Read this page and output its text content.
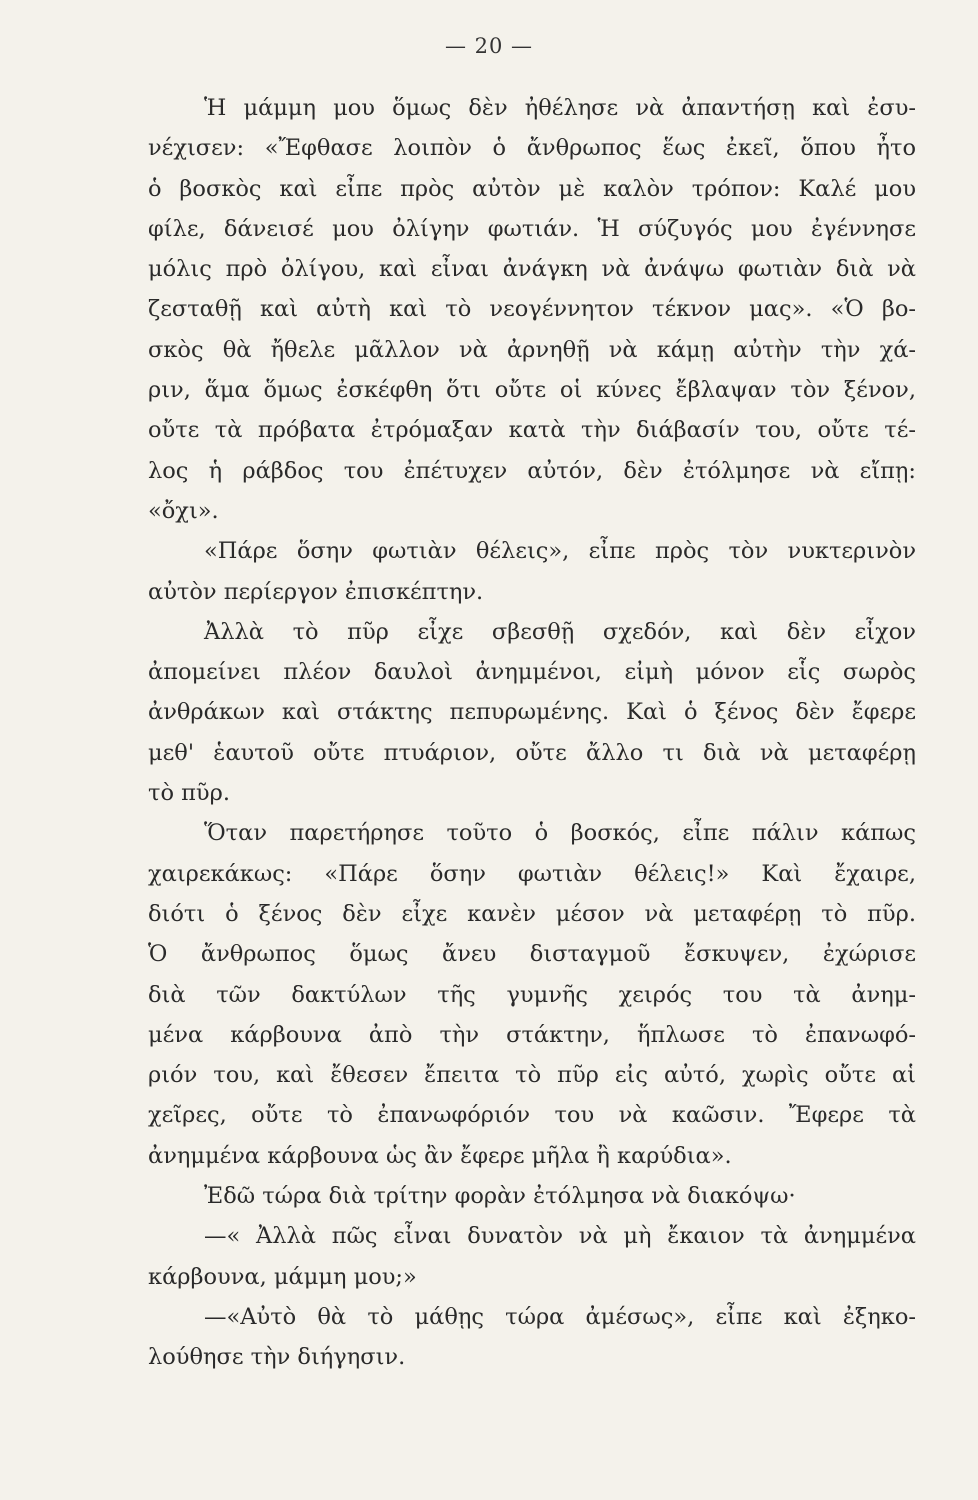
— 20 —
Ἡ μάμμη μου ὅμως δὲν ἠθέλησε νὰ ἀπαντήσῃ καὶ ἐσυ-
νέχισεν: «Ἔφθασε λοιπὸν ὁ ἄνθρωπος ἕως ἐκεῖ, ὅπου ἦτο
ὁ βοσκὸς καὶ εἶπε πρὸς αὐτὸν μὲ καλὸν τρόπον: Καλέ μου
φίλε, δάνεισέ μου ὀλίγην φωτιάν. Ἡ σύζυγός μου ἐγέννησε
μόλις πρὸ ὀλίγου, καὶ εἶναι ἀνάγκη νὰ ἀνάψω φωτιὰν διὰ νὰ
ζεσταθῇ καὶ αὐτὴ καὶ τὸ νεογέννητον τέκνον μας». «Ὁ βο-
σκὸς θὰ ἤθελε μᾶλλον νὰ ἀρνηθῇ νὰ κάμῃ αὐτὴν τὴν χά-
ριν, ἅμα ὅμως ἐσκέφθη ὅτι οὔτε οἱ κύνες ἔβλαψαν τὸν ξένον,
οὔτε τὰ πρόβατα ἐτρόμαξαν κατὰ τὴν διάβασίν του, οὔτε τέ-
λος ἡ ράβδος του ἐπέτυχεν αὐτόν, δὲν ἐτόλμησε νὰ εἴπῃ:
«ὄχι».
«Πάρε ὅσην φωτιὰν θέλεις», εἶπε πρὸς τὸν νυκτερινὸν
αὐτὸν περίεργον ἐπισκέπτην.
Ἀλλὰ τὸ πῦρ εἶχε σβεσθῇ σχεδόν, καὶ δὲν εἶχον
ἀπομείνει πλέον δαυλοὶ ἀνημμένοι, εἰμὴ μόνον εἷς σωρὸς
ἀνθράκων καὶ στάκτης πεπυρωμένης. Καὶ ὁ ξένος δὲν ἔφερε
μεθ' ἑαυτοῦ οὔτε πτυάριον, οὔτε ἄλλο τι διὰ νὰ μεταφέρῃ
τὸ πῦρ.
Ὅταν παρετήρησε τοῦτο ὁ βοσκός, εἶπε πάλιν κάπως
χαιρεκάκως: «Πάρε ὅσην φωτιὰν θέλεις!» Καὶ ἔχαιρε,
διότι ὁ ξένος δὲν εἶχε κανὲν μέσον νὰ μεταφέρῃ τὸ πῦρ.
Ὁ ἄνθρωπος ὅμως ἄνευ δισταγμοῦ ἔσκυψεν, ἐχώρισε
διὰ τῶν δακτύλων τῆς γυμνῆς χειρός του τὰ ἀνημ-
μένα κάρβουνα ἀπὸ τὴν στάκτην, ἥπλωσε τὸ ἐπανωφό-
ριόν του, καὶ ἔθεσεν ἔπειτα τὸ πῦρ εἰς αὐτό, χωρὶς οὔτε αἱ
χεῖρες, οὔτε τὸ ἐπανωφόριόν του νὰ καῶσιν. Ἔφερε τὰ
ἀνημμένα κάρβουνα ὡς ἂν ἔφερε μῆλα ἢ καρύδια».
Ἐδῶ τώρα διὰ τρίτην φορὰν ἐτόλμησα νὰ διακόψω·
—« Ἀλλὰ πῶς εἶναι δυνατὸν νὰ μὴ ἔκαιον τὰ ἀνημμένα
κάρβουνα, μάμμη μου;»
—«Αὐτὸ θὰ τὸ μάθῃς τώρα ἀμέσως», εἶπε καὶ ἐξηκο-
λούθησε τὴν διήγησιν.
